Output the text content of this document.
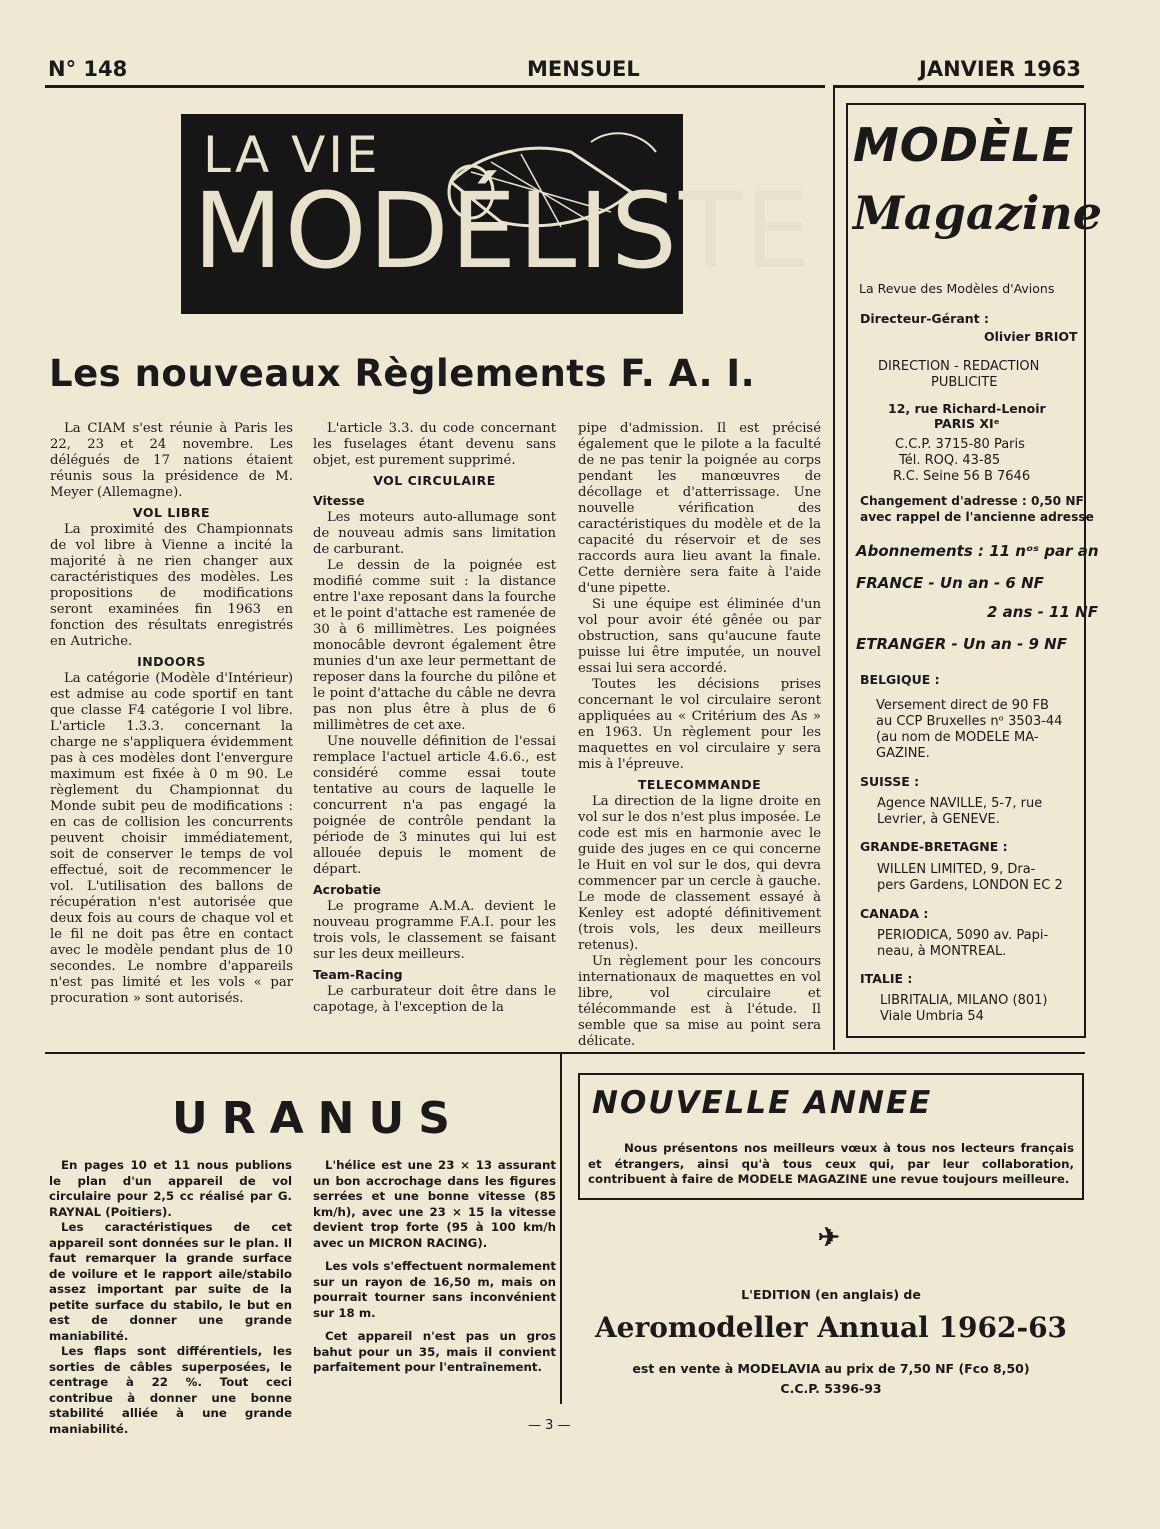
N° 148	MENSUEL	JANVIER 1963
LA VIE
MODÉLISTE
Les nouveaux Règlements F. A. I.

La CIAM s'est réunie à Paris les 22, 23 et 24 novembre. Les délégués de 17 nations étaient réunis sous la présidence de M. Meyer (Allemagne).

VOL LIBRE

La proximité des Championnats de vol libre à Vienne a incité la majorité à ne rien changer aux caractéristiques des modèles. Les propositions de modifications seront examinées fin 1963 en fonction des résultats enregistrés en Autriche.

INDOORS

La catégorie (Modèle d'Intérieur) est admise au code sportif en tant que classe F4 catégorie I vol libre. L'article 1.3.3. concernant la charge ne s'appliquera évidemment pas à ces modèles dont l'envergure maximum est fixée à 0 m 90. Le règlement du Championnat du Monde subit peu de modifications : en cas de collision les concurrents peuvent choisir immédiatement, soit de conserver le temps de vol effectué, soit de recommencer le vol. L'utilisation des ballons de récupération n'est autorisée que deux fois au cours de chaque vol et le fil ne doit pas être en contact avec le modèle pendant plus de 10 secondes. Le nombre d'appareils n'est pas limité et les vols « par procuration » sont autorisés.

L'article 3.3. du code concernant les fuselages étant devenu sans objet, est purement supprimé.

VOL CIRCULAIRE
Vitesse

Les moteurs auto-allumage sont de nouveau admis sans limitation de carburant.

Le dessin de la poignée est modifié comme suit : la distance entre l'axe reposant dans la fourche et le point d'attache est ramenée de 30 à 6 millimètres. Les poignées monocâble devront également être munies d'un axe leur permettant de reposer dans la fourche du pilône et le point d'attache du câble ne devra pas non plus être à plus de 6 millimètres de cet axe.

Une nouvelle définition de l'essai remplace l'actuel article 4.6.6., est considéré comme essai toute tentative au cours de laquelle le concurrent n'a pas engagé la poignée de contrôle pendant la période de 3 minutes qui lui est allouée depuis le moment de départ.

Acrobatie

Le programe A.M.A. devient le nouveau programme F.A.I. pour les trois vols, le classement se faisant sur les deux meilleurs.

Team-Racing

Le carburateur doit être dans le capotage, à l'exception de la

pipe d'admission. Il est précisé également que le pilote a la faculté de ne pas tenir la poignée au corps pendant les manœuvres de décollage et d'atterrissage. Une nouvelle vérification des caractéristiques du modèle et de la capacité du réservoir et de ses raccords aura lieu avant la finale. Cette dernière sera faite à l'aide d'une pipette.

Si une équipe est éliminée d'un vol pour avoir été gênée ou par obstruction, sans qu'aucune faute puisse lui être imputée, un nouvel essai lui sera accordé.

Toutes les décisions prises concernant le vol circulaire seront appliquées au « Critérium des As » en 1963. Un règlement pour les maquettes en vol circulaire y sera mis à l'épreuve.

TELECOMMANDE

La direction de la ligne droite en vol sur le dos n'est plus imposée. Le code est mis en harmonie avec le guide des juges en ce qui concerne le Huit en vol sur le dos, qui devra commencer par un cercle à gauche. Le mode de classement essayé à Kenley est adopté définitivement (trois vols, les deux meilleurs retenus).

Un règlement pour les concours internationaux de maquettes en vol libre, vol circulaire et télécommande est à l'étude. Il semble que sa mise au point sera délicate.

MODÈLE
Magazine
La Revue des Modèles d'Avions
Directeur-Gérant :
Olivier BRIOT
DIRECTION - REDACTION
PUBLICITE
12, rue Richard-Lenoir
PARIS XIᵉ
C.C.P. 3715-80 Paris
Tél. ROQ. 43-85
R.C. Seine 56 B 7646
Changement d'adresse : 0,50 NF
avec rappel de l'ancienne adresse
Abonnements : 11 nᵒˢ par an
FRANCE - Un an - 6 NF
2 ans - 11 NF
ETRANGER - Un an - 9 NF
BELGIQUE :
Versement direct de 90 FB
au CCP Bruxelles nᵒ 3503-44
(au nom de MODELE MA-
GAZINE.
SUISSE :
Agence NAVILLE, 5-7, rue
Levrier, à GENEVE.
GRANDE-BRETAGNE :
WILLEN LIMITED, 9, Dra-
pers Gardens, LONDON EC 2
CANADA :
PERIODICA, 5090 av. Papi-
neau, à MONTREAL.
ITALIE :
LIBRITALIA, MILANO (801)
Viale Umbria 54
URANUS

En pages 10 et 11 nous publions le plan d'un appareil de vol circulaire pour 2,5 cc réalisé par G. RAYNAL (Poitiers).

Les caractéristiques de cet appareil sont données sur le plan. Il faut remarquer la grande surface de voilure et le rapport aile/stabilo assez important par suite de la petite surface du stabilo, le but en est de donner une grande maniabilité.

Les flaps sont différentiels, les sorties de câbles superposées, le centrage à 22 %. Tout ceci contribue à donner une bonne stabilité alliée à une grande maniabilité.

L'hélice est une 23 × 13 assurant un bon accrochage dans les figures serrées et une bonne vitesse (85 km/h), avec une 23 × 15 la vitesse devient trop forte (95 à 100 km/h avec un MICRON RACING).

Les vols s'effectuent normalement sur un rayon de 16,50 m, mais on pourrait tourner sans inconvénient sur 18 m.

Cet appareil n'est pas un gros bahut pour un 35, mais il convient parfaitement pour l'entraînement.

NOUVELLE ANNEE
Nous présentons nos meilleurs vœux à tous nos lecteurs français et étrangers, ainsi qu'à tous ceux qui, par leur collaboration, contribuent à faire de MODELE MAGAZINE une revue toujours meilleure.
✈
L'EDITION (en anglais) de
Aeromodeller Annual 1962-63
est en vente à MODELAVIA au prix de 7,50 NF (Fco 8,50)
C.C.P. 5396-93
— 3 —
